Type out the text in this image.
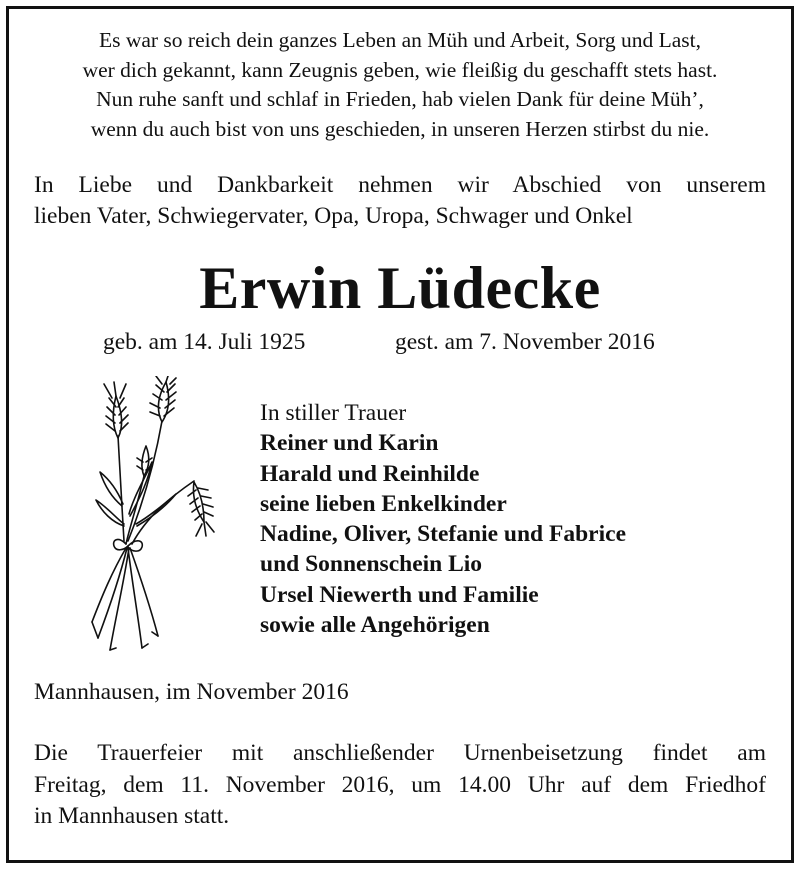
Es war so reich dein ganzes Leben an Müh und Arbeit, Sorg und Last,
wer dich gekannt, kann Zeugnis geben, wie fleißig du geschafft stets hast.
Nun ruhe sanft und schlaf in Frieden, hab vielen Dank für deine Müh’,
wenn du auch bist von uns geschieden, in unseren Herzen stirbst du nie.
In Liebe und Dankbarkeit nehmen wir Abschied von unserem
lieben Vater, Schwiegervater, Opa, Uropa, Schwager und Onkel
Erwin Lüdecke
geb. am 14. Juli 1925	gest. am 7. November 2016
In stiller Trauer
Reiner und Karin
Harald und Reinhilde
seine lieben Enkelkinder
Nadine, Oliver, Stefanie und Fabrice
und Sonnenschein Lio
Ursel Niewerth und Familie
sowie alle Angehörigen
Mannhausen, im November 2016
Die Trauerfeier mit anschließender Urnenbeisetzung findet am
Freitag, dem 11. November 2016, um 14.00 Uhr auf dem Friedhof
in Mannhausen statt.
